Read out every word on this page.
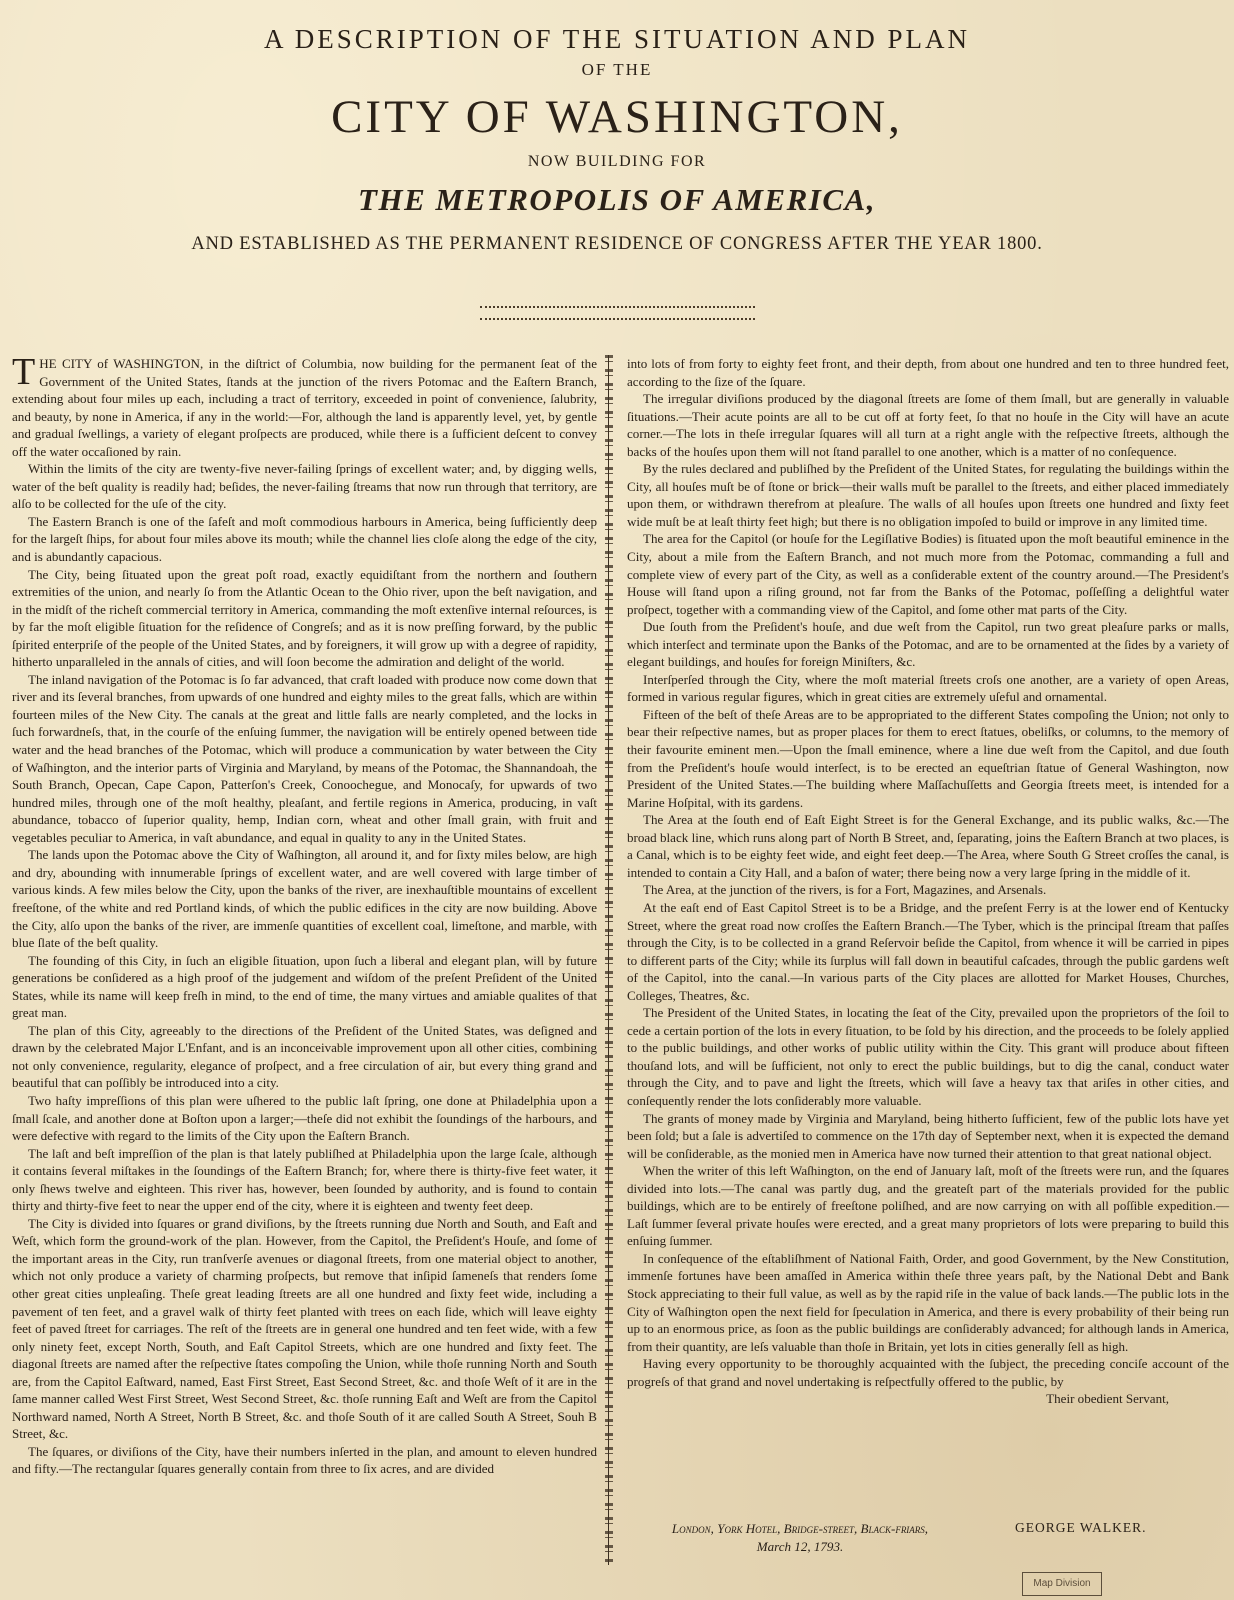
A DESCRIPTION OF THE SITUATION AND PLAN
OF THE
CITY OF WASHINGTON,
NOW BUILDING FOR
THE METROPOLIS OF AMERICA,
AND ESTABLISHED AS THE PERMANENT RESIDENCE OF CONGRESS AFTER THE YEAR 1800.

THE CITY of WASHINGTON, in the diſtrict of Columbia, now building for the permanent ſeat of the Government of the United States, ſtands at the junction of the rivers Potomac and the Eaſtern Branch, extending about four miles up each, including a tract of territory, exceeded in point of convenience, ſalubrity, and beauty, by none in America, if any in the world:—For, although the land is apparently level, yet, by gentle and gradual ſwellings, a variety of elegant proſpects are produced, while there is a ſufficient deſcent to convey off the water occaſioned by rain.

Within the limits of the city are twenty-five never-failing ſprings of excellent water; and, by digging wells, water of the beſt quality is readily had; beſides, the never-failing ſtreams that now run through that territory, are alſo to be collected for the uſe of the city.

The Eastern Branch is one of the ſafeſt and moſt commodious harbours in America, being ſufficiently deep for the largeſt ſhips, for about four miles above its mouth; while the channel lies cloſe along the edge of the city, and is abundantly capacious.

The City, being ſituated upon the great poſt road, exactly equidiſtant from the northern and ſouthern extremities of the union, and nearly ſo from the Atlantic Ocean to the Ohio river, upon the beſt navigation, and in the midſt of the richeſt commercial territory in America, commanding the moſt extenſive internal reſources, is by far the moſt eligible ſituation for the reſidence of Congreſs; and as it is now preſſing forward, by the public ſpirited enterpriſe of the people of the United States, and by foreigners, it will grow up with a degree of rapidity, hitherto unparalleled in the annals of cities, and will ſoon become the admiration and delight of the world.

The inland navigation of the Potomac is ſo far advanced, that craft loaded with produce now come down that river and its ſeveral branches, from upwards of one hundred and eighty miles to the great falls, which are within fourteen miles of the New City. The canals at the great and little falls are nearly completed, and the locks in ſuch forwardneſs, that, in the courſe of the enſuing ſummer, the navigation will be entirely opened between tide water and the head branches of the Potomac, which will produce a communication by water between the City of Waſhington, and the interior parts of Virginia and Maryland, by means of the Potomac, the Shannandoah, the South Branch, Opecan, Cape Capon, Patterſon's Creek, Conoochegue, and Monocaſy, for upwards of two hundred miles, through one of the moſt healthy, pleaſant, and fertile regions in America, producing, in vaſt abundance, tobacco of ſuperior quality, hemp, Indian corn, wheat and other ſmall grain, with fruit and vegetables peculiar to America, in vaſt abundance, and equal in quality to any in the United States.

The lands upon the Potomac above the City of Waſhington, all around it, and for ſixty miles below, are high and dry, abounding with innumerable ſprings of excellent water, and are well covered with large timber of various kinds. A few miles below the City, upon the banks of the river, are inexhauſtible mountains of excellent freeſtone, of the white and red Portland kinds, of which the public edifices in the city are now building. Above the City, alſo upon the banks of the river, are immenſe quantities of excellent coal, limeſtone, and marble, with blue ſlate of the beſt quality.

The founding of this City, in ſuch an eligible ſituation, upon ſuch a liberal and elegant plan, will by future generations be conſidered as a high proof of the judgement and wiſdom of the preſent Preſident of the United States, while its name will keep freſh in mind, to the end of time, the many virtues and amiable qualites of that great man.

The plan of this City, agreeably to the directions of the Preſident of the United States, was deſigned and drawn by the celebrated Major L'Enfant, and is an inconceivable improvement upon all other cities, combining not only convenience, regularity, elegance of proſpect, and a free circulation of air, but every thing grand and beautiful that can poſſibly be introduced into a city.

Two haſty impreſſions of this plan were uſhered to the public laſt ſpring, one done at Philadelphia upon a ſmall ſcale, and another done at Boſton upon a larger;—theſe did not exhibit the ſoundings of the harbours, and were defective with regard to the limits of the City upon the Eaſtern Branch.

The laſt and beſt impreſſion of the plan is that lately publiſhed at Philadelphia upon the large ſcale, although it contains ſeveral miſtakes in the ſoundings of the Eaſtern Branch; for, where there is thirty-five feet water, it only ſhews twelve and eighteen. This river has, however, been ſounded by authority, and is found to contain thirty and thirty-five feet to near the upper end of the city, where it is eighteen and twenty feet deep.

The City is divided into ſquares or grand diviſions, by the ſtreets running due North and South, and Eaſt and Weſt, which form the ground-work of the plan. However, from the Capitol, the Preſident's Houſe, and ſome of the important areas in the City, run tranſverſe avenues or diagonal ſtreets, from one material object to another, which not only produce a variety of charming proſpects, but remove that inſipid ſameneſs that renders ſome other great cities unpleaſing. Theſe great leading ſtreets are all one hundred and ſixty feet wide, including a pavement of ten feet, and a gravel walk of thirty feet planted with trees on each ſide, which will leave eighty feet of paved ſtreet for carriages. The reſt of the ſtreets are in general one hundred and ten feet wide, with a few only ninety feet, except North, South, and Eaſt Capitol Streets, which are one hundred and ſixty feet. The diagonal ſtreets are named after the reſpective ſtates compoſing the Union, while thoſe running North and South are, from the Capitol Eaſtward, named, East First Street, East Second Street, &c. and thoſe Weſt of it are in the ſame manner called West First Street, West Second Street, &c. thoſe running Eaſt and Weſt are from the Capitol Northward named, North A Street, North B Street, &c. and thoſe South of it are called South A Street, Souh B Street, &c.

The ſquares, or diviſions of the City, have their numbers inſerted in the plan, and amount to eleven hundred and fifty.—The rectangular ſquares generally contain from three to ſix acres, and are divided

into lots of from forty to eighty feet front, and their depth, from about one hundred and ten to three hundred feet, according to the ſize of the ſquare.

The irregular diviſions produced by the diagonal ſtreets are ſome of them ſmall, but are generally in valuable ſituations.—Their acute points are all to be cut off at forty feet, ſo that no houſe in the City will have an acute corner.—The lots in theſe irregular ſquares will all turn at a right angle with the reſpective ſtreets, although the backs of the houſes upon them will not ſtand parallel to one another, which is a matter of no conſequence.

By the rules declared and publiſhed by the Preſident of the United States, for regulating the buildings within the City, all houſes muſt be of ſtone or brick—their walls muſt be parallel to the ſtreets, and either placed immediately upon them, or withdrawn therefrom at pleaſure. The walls of all houſes upon ſtreets one hundred and ſixty feet wide muſt be at leaſt thirty feet high; but there is no obligation impoſed to build or improve in any limited time.

The area for the Capitol (or houſe for the Legiſlative Bodies) is ſituated upon the moſt beautiful eminence in the City, about a mile from the Eaſtern Branch, and not much more from the Potomac, commanding a full and complete view of every part of the City, as well as a conſiderable extent of the country around.—The President's House will ſtand upon a riſing ground, not far from the Banks of the Potomac, poſſeſſing a delightful water proſpect, together with a commanding view of the Capitol, and ſome other mat parts of the City.

Due ſouth from the Preſident's houſe, and due weſt from the Capitol, run two great pleaſure parks or malls, which interſect and terminate upon the Banks of the Potomac, and are to be ornamented at the ſides by a variety of elegant buildings, and houſes for foreign Miniſters, &c.

Interſperſed through the City, where the moſt material ſtreets croſs one another, are a variety of open Areas, formed in various regular figures, which in great cities are extremely uſeful and ornamental.

Fifteen of the beſt of theſe Areas are to be appropriated to the different States compoſing the Union; not only to bear their reſpective names, but as proper places for them to erect ſtatues, obeliſks, or columns, to the memory of their favourite eminent men.—Upon the ſmall eminence, where a line due weſt from the Capitol, and due ſouth from the Preſident's houſe would interſect, is to be erected an equeſtrian ſtatue of General Washington, now President of the United States.—The building where Maſſachuſſetts and Georgia ſtreets meet, is intended for a Marine Hoſpital, with its gardens.

The Area at the ſouth end of Eaſt Eight Street is for the General Exchange, and its public walks, &c.—The broad black line, which runs along part of North B Street, and, ſeparating, joins the Eaſtern Branch at two places, is a Canal, which is to be eighty feet wide, and eight feet deep.—The Area, where South G Street croſſes the canal, is intended to contain a City Hall, and a baſon of water; there being now a very large ſpring in the middle of it.

The Area, at the junction of the rivers, is for a Fort, Magazines, and Arsenals.

At the eaſt end of East Capitol Street is to be a Bridge, and the preſent Ferry is at the lower end of Kentucky Street, where the great road now croſſes the Eaſtern Branch.—The Tyber, which is the principal ſtream that paſſes through the City, is to be collected in a grand Reſervoir beſide the Capitol, from whence it will be carried in pipes to different parts of the City; while its ſurplus will fall down in beautiful caſcades, through the public gardens weſt of the Capitol, into the canal.—In various parts of the City places are allotted for Market Houses, Churches, Colleges, Theatres, &c.

The President of the United States, in locating the ſeat of the City, prevailed upon the proprietors of the ſoil to cede a certain portion of the lots in every ſituation, to be ſold by his direction, and the proceeds to be ſolely applied to the public buildings, and other works of public utility within the City. This grant will produce about fifteen thouſand lots, and will be ſufficient, not only to erect the public buildings, but to dig the canal, conduct water through the City, and to pave and light the ſtreets, which will ſave a heavy tax that ariſes in other cities, and conſequently render the lots conſiderably more valuable.

The grants of money made by Virginia and Maryland, being hitherto ſufficient, few of the public lots have yet been ſold; but a ſale is advertiſed to commence on the 17th day of September next, when it is expected the demand will be conſiderable, as the monied men in America have now turned their attention to that great national object.

When the writer of this left Waſhington, on the end of January laſt, moſt of the ſtreets were run, and the ſquares divided into lots.—The canal was partly dug, and the greateſt part of the materials provided for the public buildings, which are to be entirely of freeſtone poliſhed, and are now carrying on with all poſſible expedition.—Laſt ſummer ſeveral private houſes were erected, and a great many proprietors of lots were preparing to build this enſuing ſummer.

In conſequence of the eſtabliſhment of National Faith, Order, and good Government, by the New Constitution, immenſe fortunes have been amaſſed in America within theſe three years paſt, by the National Debt and Bank Stock appreciating to their full value, as well as by the rapid riſe in the value of back lands.—The public lots in the City of Waſhington open the next field for ſpeculation in America, and there is every probability of their being run up to an enormous price, as ſoon as the public buildings are conſiderably advanced; for although lands in America, from their quantity, are leſs valuable than thoſe in Britain, yet lots in cities generally ſell as high.

Having every opportunity to be thoroughly acquainted with the ſubject, the preceding conciſe account of the progreſs of that grand and novel undertaking is reſpectfully offered to the public, by

Their obedient Servant,

London, York Hotel, Bridge-ſtreet, Black-friars,
March 12, 1793.
GEORGE WALKER.
Map Division
